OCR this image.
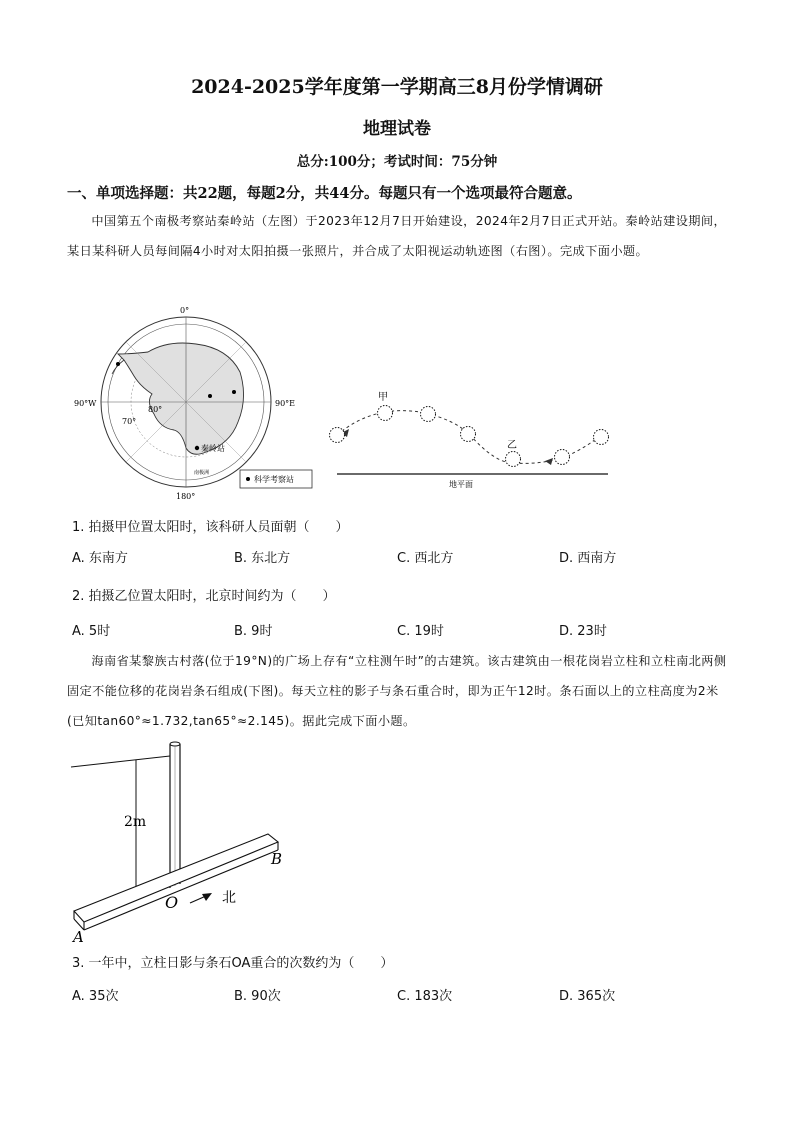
2024-2025学年度第一学期高三8月份学情调研
地理试卷
总分:100分；考试时间：75分钟
一、单项选择题：共22题，每题2分，共44分。每题只有一个选项最符合题意。
中国第五个南极考察站秦岭站（左图）于2023年12月7日开始建设，2024年2月7日正式开站。秦岭站建设期间，某日某科研人员每间隔4小时对太阳拍摄一张照片，并合成了太阳视运动轨迹图（右图）。完成下面小题。
0°
90°W	90°E
180°
80°
70°
秦岭站
南极洲
科学考察站
甲
乙
地平面
1. 拍摄甲位置太阳时，该科研人员面朝（　　）
A. 东南方	B. 东北方	C. 西北方	D. 西南方
2. 拍摄乙位置太阳时，北京时间约为（　　）
A. 5时	B. 9时	C. 19时	D. 23时
海南省某黎族古村落(位于19°N)的广场上存有“立柱测午时”的古建筑。该古建筑由一根花岗岩立柱和立柱南北两侧固定不能位移的花岗岩条石组成(下图)。每天立柱的影子与条石重合时，即为正午12时。条石面以上的立柱高度为2米(已知tan60°≈1.732,tan65°≈2.145)。据此完成下面小题。
2m
A
B
O	北
3. 一年中，立柱日影与条石OA重合的次数约为（　　）
A. 35次	B. 90次	C. 183次	D. 365次
